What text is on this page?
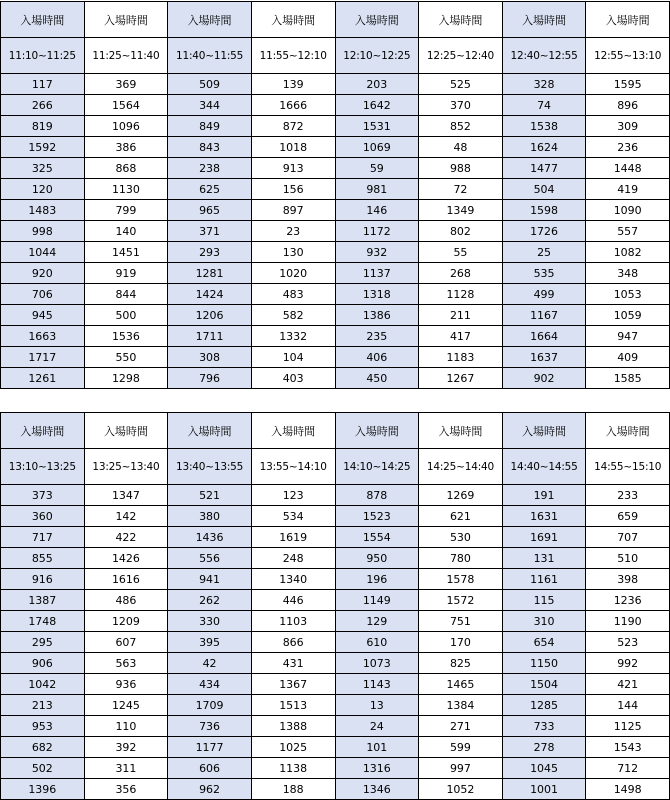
入場時間	入場時間	入場時間	入場時間	入場時間	入場時間	入場時間	入場時間
11:10~11:25	11:25~11:40	11:40~11:55	11:55~12:10	12:10~12:25	12:25~12:40	12:40~12:55	12:55~13:10
117	369	509	139	203	525	328	1595
266	1564	344	1666	1642	370	74	896
819	1096	849	872	1531	852	1538	309
1592	386	843	1018	1069	48	1624	236
325	868	238	913	59	988	1477	1448
120	1130	625	156	981	72	504	419
1483	799	965	897	146	1349	1598	1090
998	140	371	23	1172	802	1726	557
1044	1451	293	130	932	55	25	1082
920	919	1281	1020	1137	268	535	348
706	844	1424	483	1318	1128	499	1053
945	500	1206	582	1386	211	1167	1059
1663	1536	1711	1332	235	417	1664	947
1717	550	308	104	406	1183	1637	409
1261	1298	796	403	450	1267	902	1585
入場時間	入場時間	入場時間	入場時間	入場時間	入場時間	入場時間	入場時間
13:10~13:25	13:25~13:40	13:40~13:55	13:55~14:10	14:10~14:25	14:25~14:40	14:40~14:55	14:55~15:10
373	1347	521	123	878	1269	191	233
360	142	380	534	1523	621	1631	659
717	422	1436	1619	1554	530	1691	707
855	1426	556	248	950	780	131	510
916	1616	941	1340	196	1578	1161	398
1387	486	262	446	1149	1572	115	1236
1748	1209	330	1103	129	751	310	1190
295	607	395	866	610	170	654	523
906	563	42	431	1073	825	1150	992
1042	936	434	1367	1143	1465	1504	421
213	1245	1709	1513	13	1384	1285	144
953	110	736	1388	24	271	733	1125
682	392	1177	1025	101	599	278	1543
502	311	606	1138	1316	997	1045	712
1396	356	962	188	1346	1052	1001	1498
